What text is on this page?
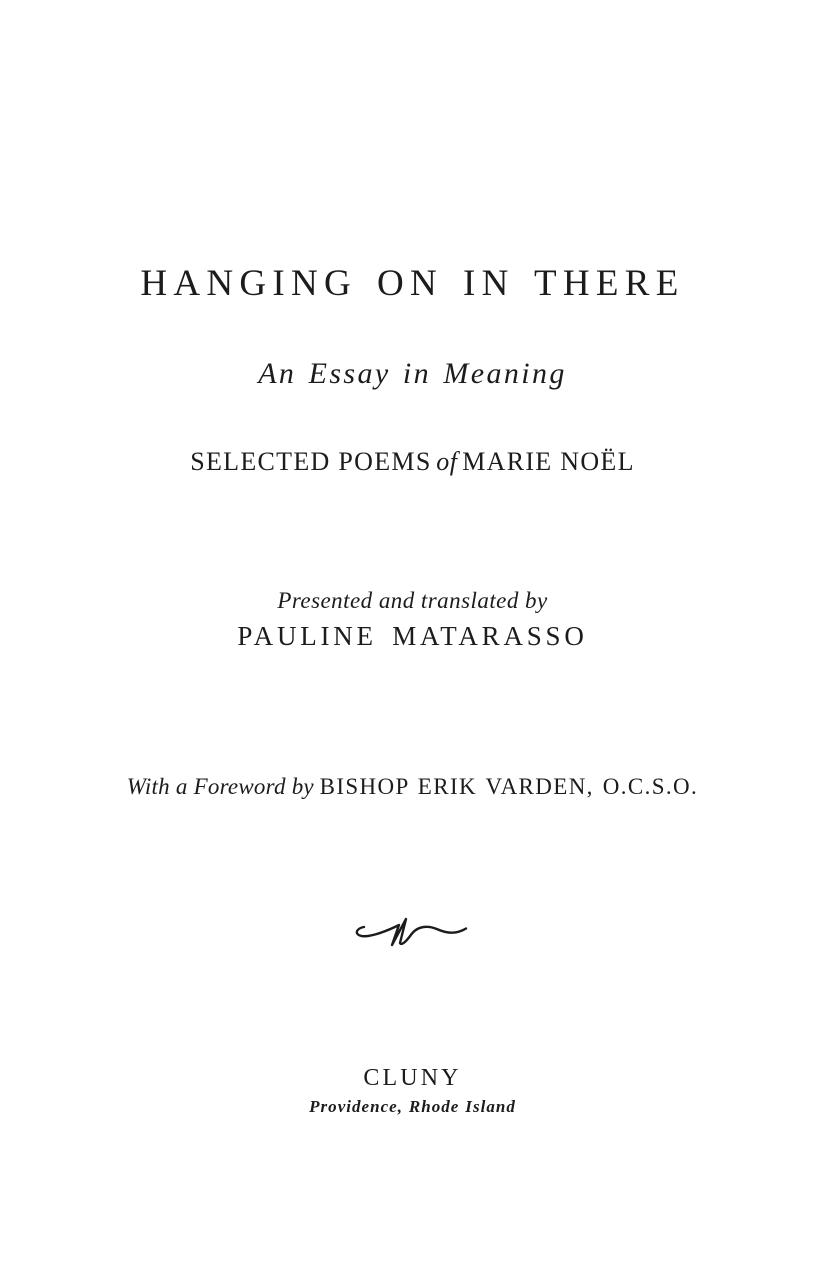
HANGING ON IN THERE
An Essay in Meaning
SELECTED POEMS of MARIE NOËL
Presented and translated by
PAULINE MATARASSO
With a Foreword by BISHOP ERIK VARDEN, O.C.S.O.
CLUNY
Providence, Rhode Island
